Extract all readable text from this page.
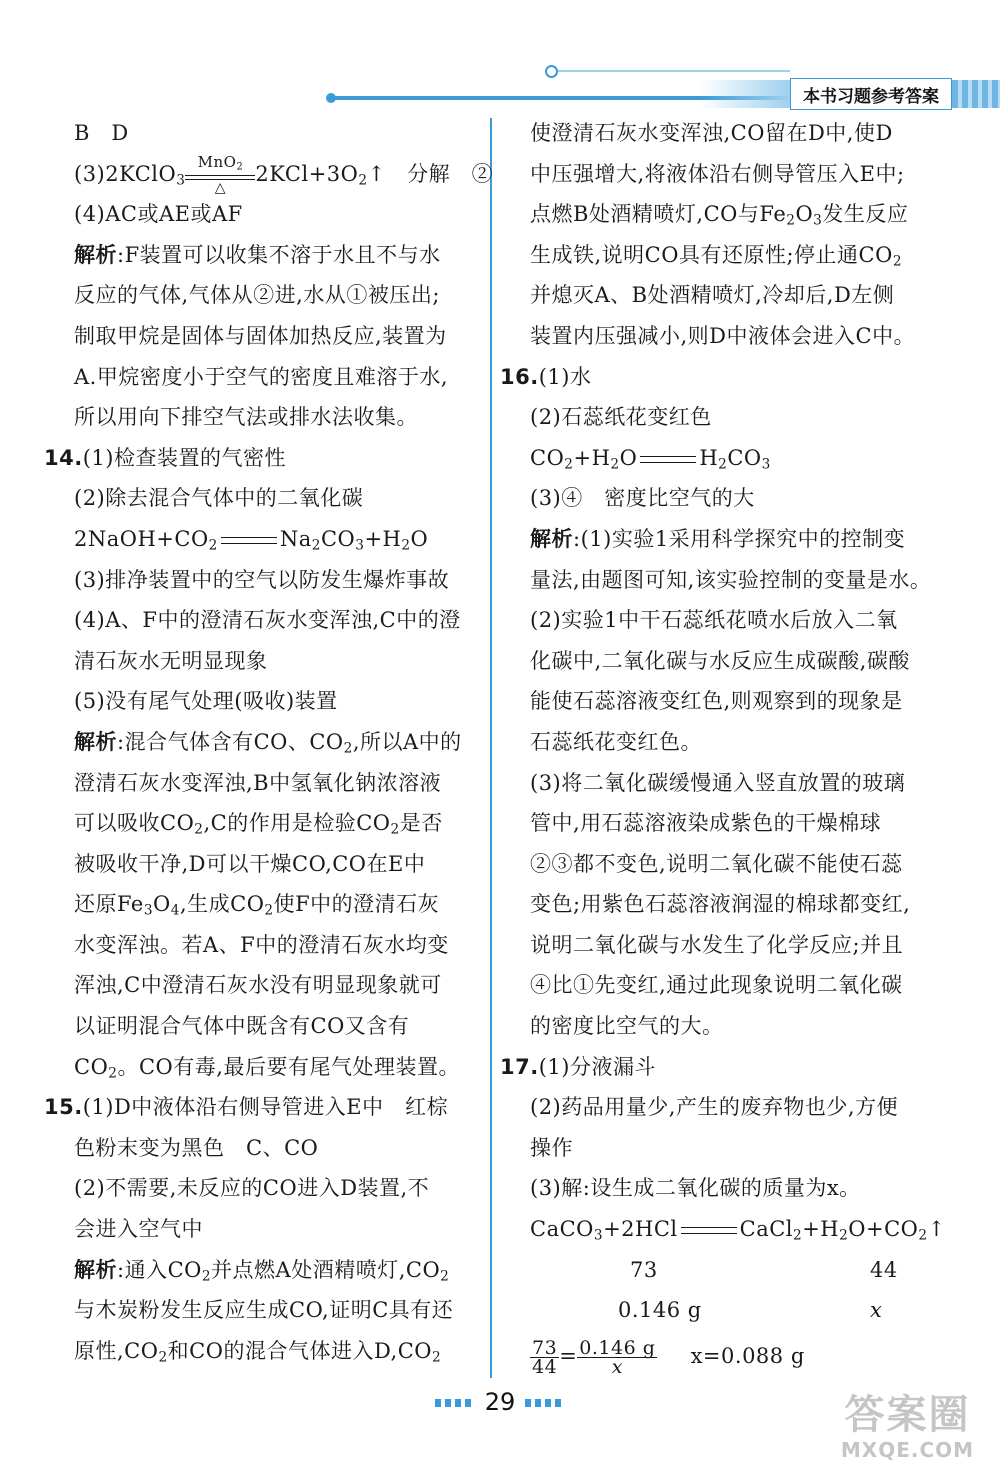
本书习题参考答案
B　D
(3)2KClO$_3$
MnO$_2$
△
$2KCl+3O_2↑$　分解　②
(4)AC或AE或AF
解析:F装置可以收集不溶于水且不与水
反应的气体,气体从②进,水从①被压出;
制取甲烷是固体与固体加热反应,装置为
A.甲烷密度小于空气的密度且难溶于水,
所以用向下排空气法或排水法收集。
14.(1)检查装置的气密性
(2)除去混合气体中的二氧化碳
$2NaOH+CO_2$	$Na_2CO_3+H_2O$
(3)排净装置中的空气以防发生爆炸事故
(4)A、F中的澄清石灰水变浑浊,C中的澄
清石灰水无明显现象
(5)没有尾气处理(吸收)装置
解析:混合气体含有CO、$CO_2$,所以A中的
澄清石灰水变浑浊,B中氢氧化钠浓溶液
可以吸收$CO_2,C$的作用是检验$CO_2$是否
被吸收干净,D可以干燥CO,CO在E中
还原$Fe_3O_4$,生成$CO_2$使F中的澄清石灰
水变浑浊。若A、F中的澄清石灰水均变
浑浊,C中澄清石灰水没有明显现象就可
以证明混合气体中既含有CO又含有
$CO_2$。CO有毒,最后要有尾气处理装置。
15.(1)D中液体沿右侧导管进入E中　红棕
色粉末变为黑色　C、CO
(2)不需要,未反应的CO进入D装置,不
会进入空气中
解析:通入$CO_2$并点燃A处酒精喷灯$,CO_2$
与木炭粉发生反应生成CO,证明C具有还
原性$,CO_2$和CO的混合气体进入$D,CO_2$
使澄清石灰水变浑浊,CO留在D中,使D
中压强增大,将液体沿右侧导管压入E中;
点燃B处酒精喷灯,CO与$Fe_2O_3$发生反应
生成铁,说明CO具有还原性;停止通$CO_2$
并熄灭A、B处酒精喷灯,冷却后,D左侧
装置内压强减小,则D中液体会进入C中。
16.(1)水
(2)石蕊纸花变红色
$CO_2+H_2O$	$H_2CO_3$
(3)④　密度比空气的大
解析:(1)实验1采用科学探究中的控制变
量法,由题图可知,该实验控制的变量是水。
(2)实验1中干石蕊纸花喷水后放入二氧
化碳中,二氧化碳与水反应生成碳酸,碳酸
能使石蕊溶液变红色,则观察到的现象是
石蕊纸花变红色。
(3)将二氧化碳缓慢通入竖直放置的玻璃
管中,用石蕊溶液染成紫色的干燥棉球
②③都不变色,说明二氧化碳不能使石蕊
变色;用紫色石蕊溶液润湿的棉球都变红,
说明二氧化碳与水发生了化学反应;并且
④比①先变红,通过此现象说明二氧化碳
的密度比空气的大。
17.(1)分液漏斗
(2)药品用量少,产生的废弃物也少,方便
操作
(3)解:设生成二氧化碳的质量为x。
CaCO$_3$+2HCl	$CaCl_2+H_2O+CO_2↑$
73	44
0.146 g	x
$\frac{73}{44} = \frac{0.146 g}{x} x=0.088$ g
29	答案圈
MXQE.COM
